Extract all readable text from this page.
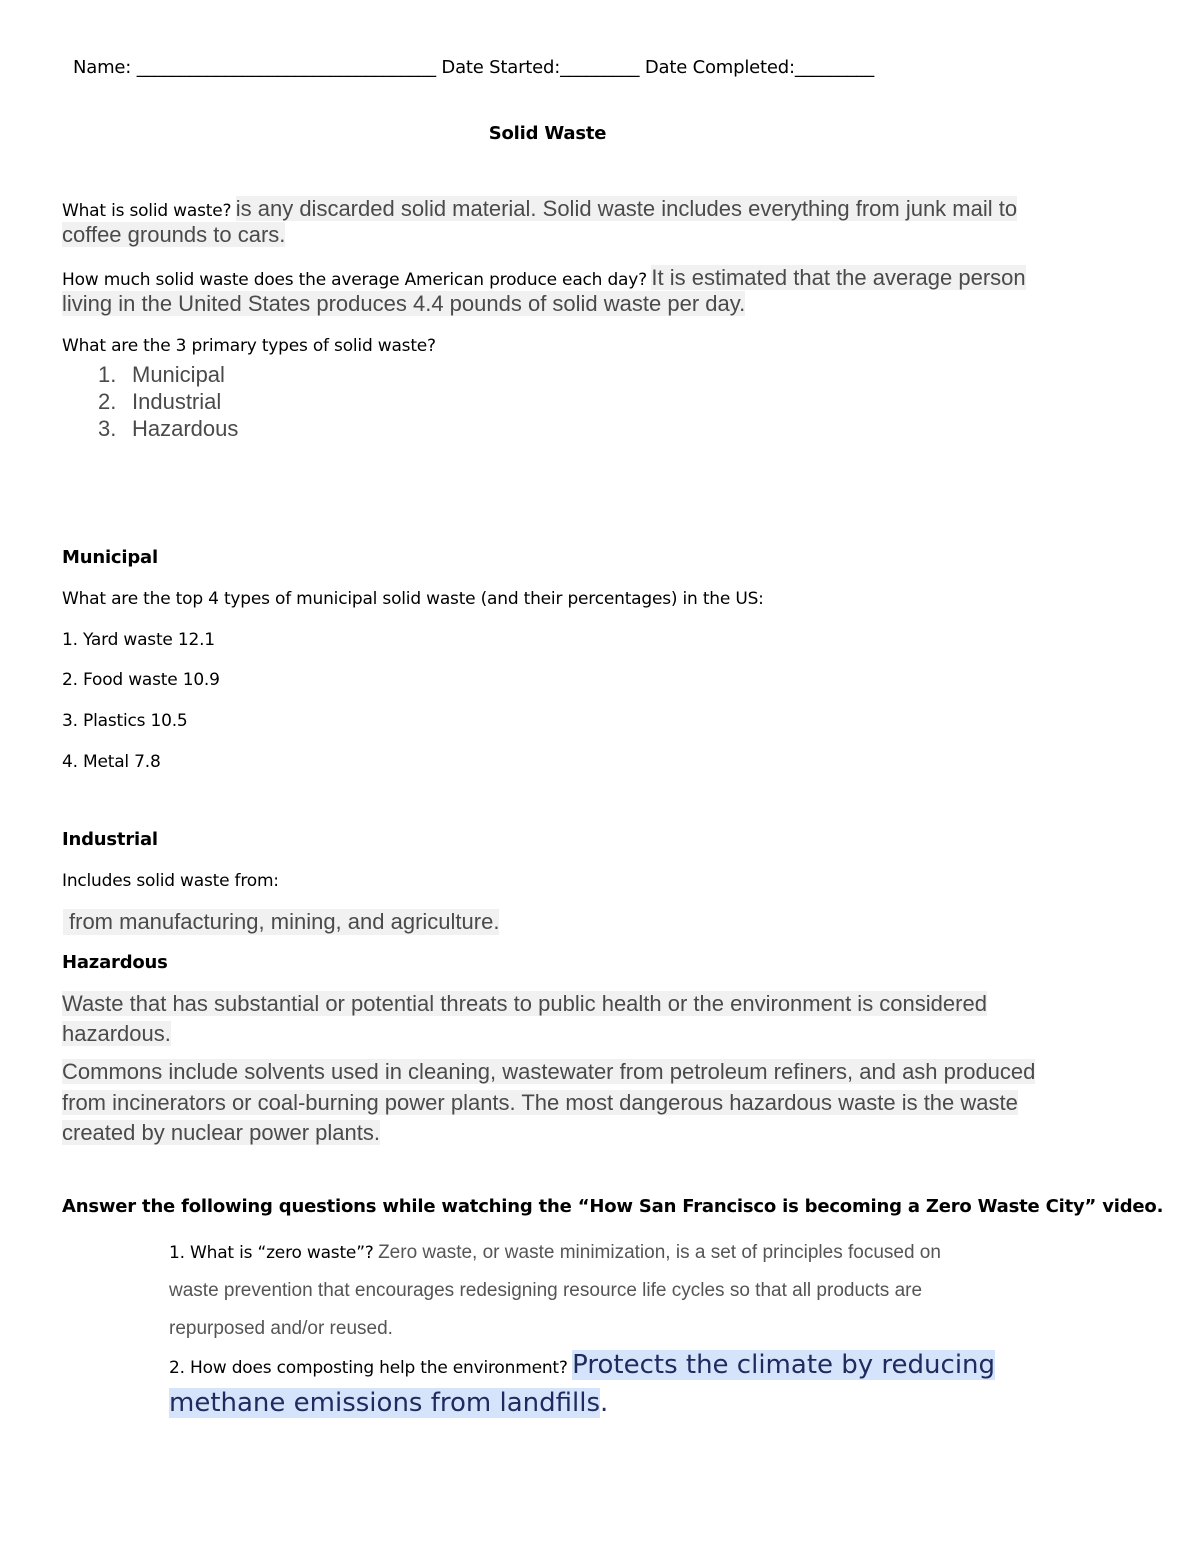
Name: __________________________________ Date Started:_________ Date Completed:_________
Solid Waste
What is solid waste? is any discarded solid material. Solid waste includes everything from junk mail to
coffee grounds to cars.
How much solid waste does the average American produce each day? It is estimated that the average person
living in the United States produces 4.4 pounds of solid waste per day.
What are the 3 primary types of solid waste?
1. Municipal
2. Industrial
3. Hazardous
Municipal
What are the top 4 types of municipal solid waste (and their percentages) in the US:
1. Yard waste 12.1
2. Food waste 10.9
3. Plastics 10.5
4. Metal 7.8
Industrial
Includes solid waste from:
from manufacturing, mining, and agriculture.
Hazardous
Waste that has substantial or potential threats to public health or the environment is considered
hazardous.
Commons include solvents used in cleaning, wastewater from petroleum refiners, and ash produced
from incinerators or coal-burning power plants. The most dangerous hazardous waste is the waste
created by nuclear power plants.
Answer the following questions while watching the “How San Francisco is becoming a Zero Waste City” video.
1. What is “zero waste”? Zero waste, or waste minimization, is a set of principles focused on
waste prevention that encourages redesigning resource life cycles so that all products are
repurposed and/or reused.
2. How does composting help the environment? Protects the climate by reducing
methane emissions from landfills.
